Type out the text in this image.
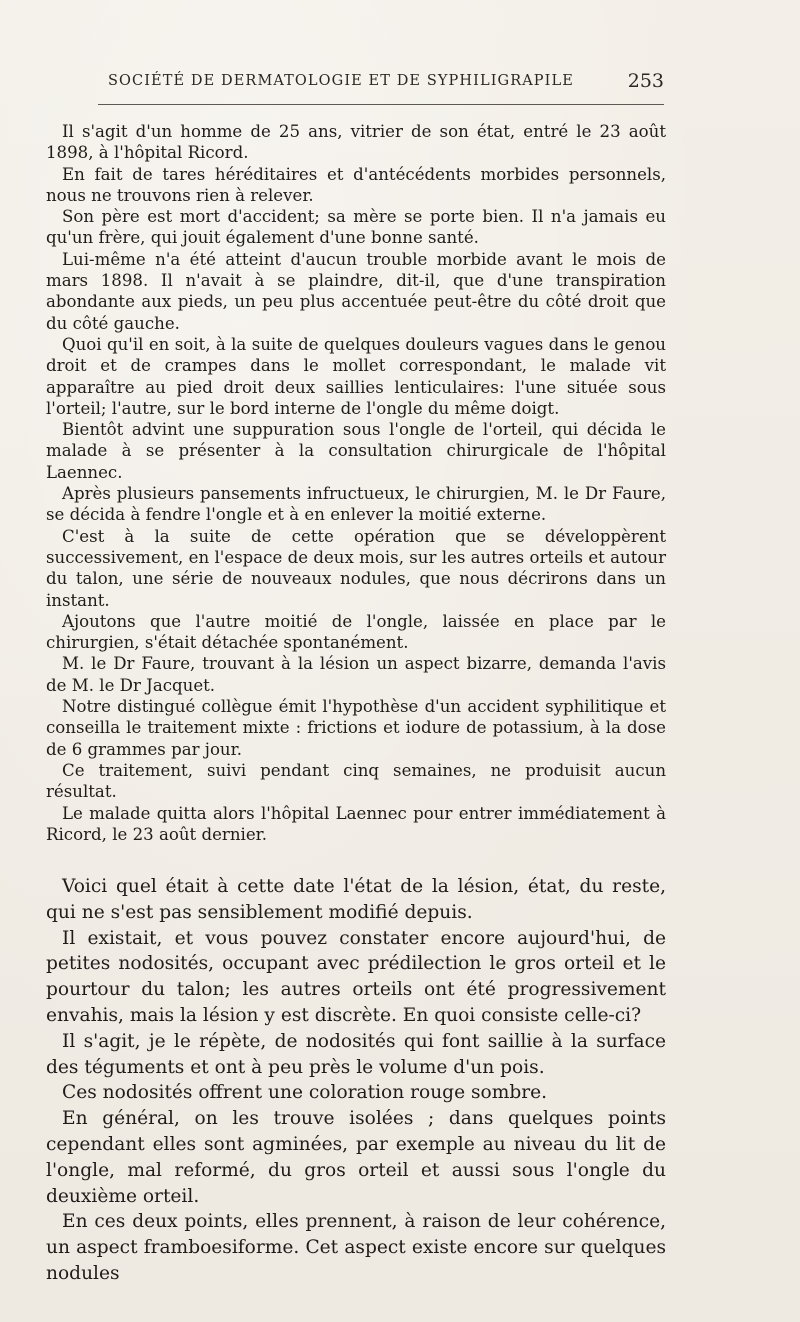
SOCIÉTÉ DE DERMATOLOGIE ET DE SYPHILIGRAPILE	253

Il s'agit d'un homme de 25 ans, vitrier de son état, entré le 23 août 1898, à l'hôpital Ricord.

En fait de tares héréditaires et d'antécédents morbides personnels, nous ne trouvons rien à relever.

Son père est mort d'accident; sa mère se porte bien. Il n'a jamais eu qu'un frère, qui jouit également d'une bonne santé.

Lui-même n'a été atteint d'aucun trouble morbide avant le mois de mars 1898. Il n'avait à se plaindre, dit-il, que d'une transpiration abondante aux pieds, un peu plus accentuée peut-être du côté droit que du côté gauche.

Quoi qu'il en soit, à la suite de quelques douleurs vagues dans le genou droit et de crampes dans le mollet correspondant, le malade vit apparaître au pied droit deux saillies lenticulaires: l'une située sous l'orteil; l'autre, sur le bord interne de l'ongle du même doigt.

Bientôt advint une suppuration sous l'ongle de l'orteil, qui décida le malade à se présenter à la consultation chirurgicale de l'hôpital Laennec.

Après plusieurs pansements infructueux, le chirurgien, M. le Dr Faure, se décida à fendre l'ongle et à en enlever la moitié externe.

C'est à la suite de cette opération que se développèrent successivement, en l'espace de deux mois, sur les autres orteils et autour du talon, une série de nouveaux nodules, que nous décrirons dans un instant.

Ajoutons que l'autre moitié de l'ongle, laissée en place par le chirurgien, s'était détachée spontanément.

M. le Dr Faure, trouvant à la lésion un aspect bizarre, demanda l'avis de M. le Dr Jacquet.

Notre distingué collègue émit l'hypothèse d'un accident syphilitique et conseilla le traitement mixte : frictions et iodure de potassium, à la dose de 6 grammes par jour.

Ce traitement, suivi pendant cinq semaines, ne produisit aucun résultat.

Le malade quitta alors l'hôpital Laennec pour entrer immédiatement à Ricord, le 23 août dernier.

Voici quel était à cette date l'état de la lésion, état, du reste, qui ne s'est pas sensiblement modifié depuis.

Il existait, et vous pouvez constater encore aujourd'hui, de petites nodosités, occupant avec prédilection le gros orteil et le pourtour du talon; les autres orteils ont été progressivement envahis, mais la lésion y est discrète. En quoi consiste celle-ci?

Il s'agit, je le répète, de nodosités qui font saillie à la surface des téguments et ont à peu près le volume d'un pois.

Ces nodosités offrent une coloration rouge sombre.

En général, on les trouve isolées ; dans quelques points cependant elles sont agminées, par exemple au niveau du lit de l'ongle, mal reformé, du gros orteil et aussi sous l'ongle du deuxième orteil.

En ces deux points, elles prennent, à raison de leur cohérence, un aspect framboesiforme. Cet aspect existe encore sur quelques nodules
